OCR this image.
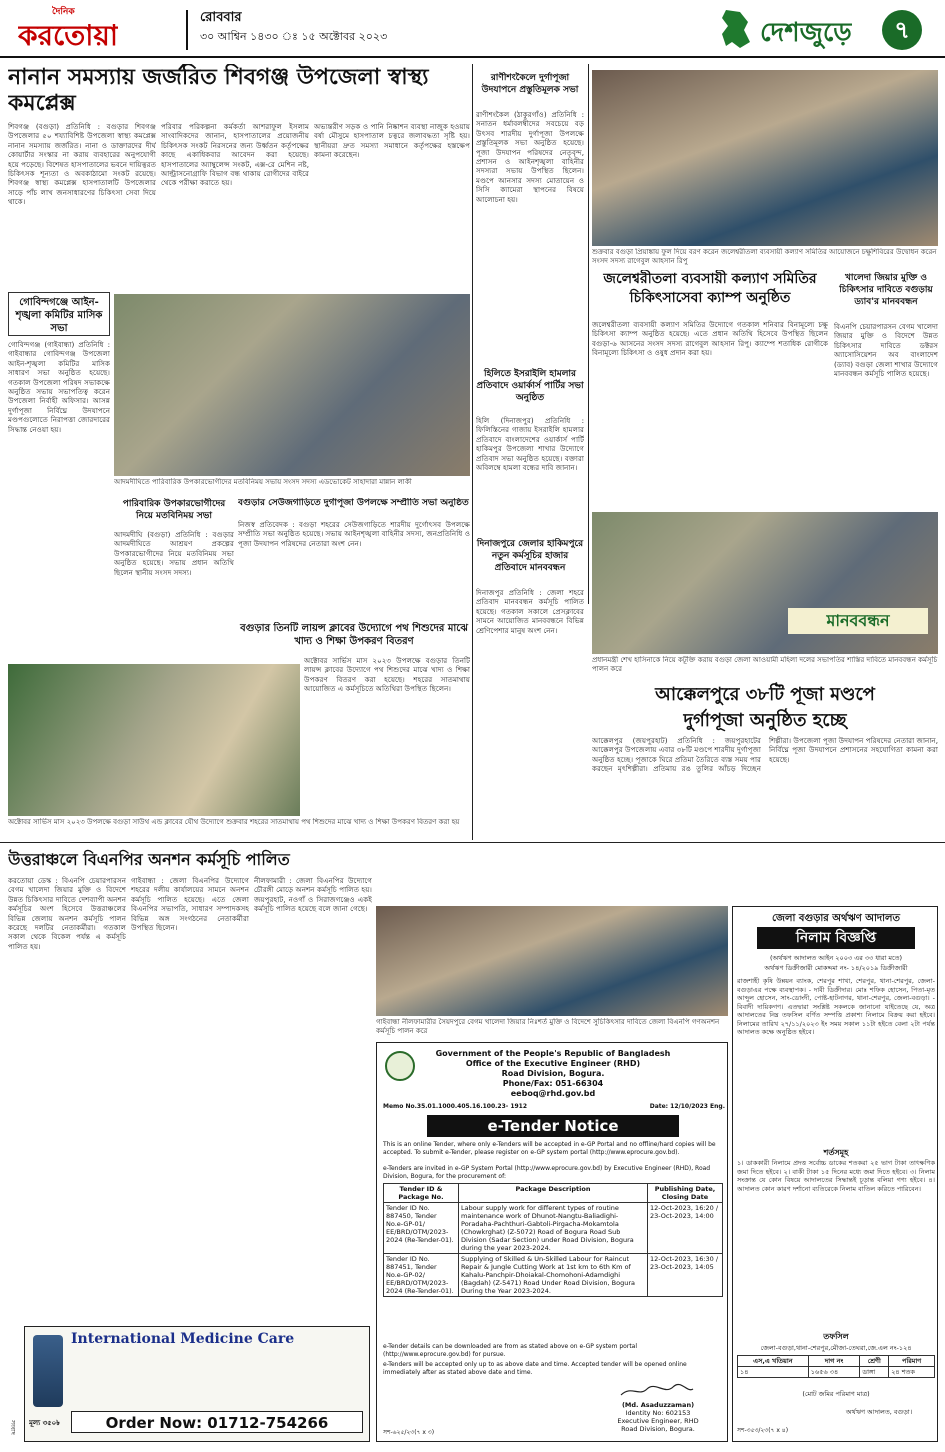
দৈনিক
করতোয়া
রোববার
৩০ আশ্বিন ১৪৩০ ঃ ১৫ অক্টোবর ২০২৩	দেশজুড়ে	৭
নানান সমস্যায় জর্জরিত শিবগঞ্জ উপজেলা স্বাস্থ্য কমপ্লেক্স
শিবগঞ্জ (বগুড়া) প্রতিনিধি : বগুড়ার শিবগঞ্জ উপজেলার ৫০ শয্যাবিশিষ্ট উপজেলা স্বাস্থ্য কমপ্লেক্স নানান সমস্যায় জর্জরিত। নানা ও ডাক্তারদের দীর্ঘ কোয়ার্টার সংস্কার না করায় ব্যবহারের অনুপযোগী হয়ে পড়েছে। বিশেষত হাসপাতালের ভবনে দায়িত্বরত চিকিৎসক শূন্যতা ও অবকাঠামো সংকট রয়েছে। শিবগঞ্জ স্বাস্থ্য কমপ্লেক্স হাসপাতালটি উপজেলার সাড়ে পাঁচ লাখ জনসাধারণের চিকিৎসা সেবা দিয়ে থাকে।
পরিবার পরিকল্পনা কর্মকর্তা আশরাফুল ইসলাম সাংবাদিকদের জানান, হাসপাতালের প্রয়োজনীয় চিকিৎসক সংকট নিরসনের জন্য উর্ধ্বতন কর্তৃপক্ষের কাছে একাধিকবার আবেদন করা হয়েছে। হাসপাতালের অ্যাম্বুলেন্স সংকট, এক্স-রে মেশিন নষ্ট, আল্ট্রাসনোগ্রাফি বিভাগ বন্ধ থাকায় রোগীদের বাইরে থেকে পরীক্ষা করাতে হয়।
অভ্যন্তরীণ সড়ক ও পানি নিষ্কাশন ব্যবস্থা নাজুক হওয়ায় বর্ষা মৌসুমে হাসপাতাল চত্বরে জলাবদ্ধতা সৃষ্টি হয়। স্থানীয়রা দ্রুত সমস্যা সমাধানে কর্তৃপক্ষের হস্তক্ষেপ কামনা করেছেন।
গোবিন্দগঞ্জে আইন-শৃঙ্খলা কমিটির মাসিক সভা
গোবিন্দগঞ্জ (গাইবান্ধা) প্রতিনিধি : গাইবান্ধার গোবিন্দগঞ্জ উপজেলা আইন-শৃঙ্খলা কমিটির মাসিক সাধারণ সভা অনুষ্ঠিত হয়েছে। গতকাল উপজেলা পরিষদ সভাকক্ষে অনুষ্ঠিত সভায় সভাপতিত্ব করেন উপজেলা নির্বাহী অফিসার। আসন্ন দুর্গাপূজা নির্বিঘ্নে উদযাপনে মণ্ডপগুলোতে নিরাপত্তা জোরদারের সিদ্ধান্ত নেওয়া হয়।
আদমদীঘিতে পারিবারিক উপকারভোগীদের মতবিনিময় সভায় সংসদ সদস্য এডভোকেট সাহাদারা মান্নান লাকী
পারিবারিক উপকারভোগীদের নিয়ে মতবিনিময় সভা
আদমদীঘি (বগুড়া) প্রতিনিধি : বগুড়ার আদমদীঘিতে আশ্রয়ণ প্রকল্পের উপকারভোগীদের নিয়ে মতবিনিময় সভা অনুষ্ঠিত হয়েছে। সভায় প্রধান অতিথি ছিলেন স্থানীয় সংসদ সদস্য।
বগুড়ার সেউজগাড়িতে দুর্গাপূজা উপলক্ষে সম্প্রীতি সভা অনুষ্ঠিত
নিজস্ব প্রতিবেদক : বগুড়া শহরের সেউজগাড়িতে শারদীয় দুর্গোৎসব উপলক্ষে সম্প্রীতি সভা অনুষ্ঠিত হয়েছে। সভায় আইনশৃঙ্খলা বাহিনীর সদস্য, জনপ্রতিনিধি ও পূজা উদযাপন পরিষদের নেতারা অংশ নেন।
বগুড়ার তিনটি লায়ন্স ক্লাবের উদ্যোগে পথ শিশুদের মাঝে খাদ্য ও শিক্ষা উপকরণ বিতরণ
অক্টোবর সার্ভিস মাস ২০২৩ উপলক্ষে বগুড়ার তিনটি লায়ন্স ক্লাবের উদ্যোগে পথ শিশুদের মাঝে খাদ্য ও শিক্ষা উপকরণ বিতরণ করা হয়েছে। শহরের সাতমাথায় আয়োজিত এ কর্মসূচিতে অতিথিরা উপস্থিত ছিলেন।
অক্টোবর সার্ভিস মাস ২০২৩ উপলক্ষে বগুড়া সাউথ এন্ড ক্লাবের যৌথ উদ্যোগে শুক্রবার শহরের সাতমাথায় পথ শিশুদের মাঝে খাদ্য ও শিক্ষা উপকরণ বিতরণ করা হয়
রাণীশংকৈলে দুর্গাপূজা উদযাপনে প্রস্তুতিমূলক সভা
রাণীশংকৈল (ঠাকুরগাঁও) প্রতিনিধি : সনাতন ধর্মাবলম্বীদের সবচেয়ে বড় উৎসব শারদীয় দুর্গাপূজা উপলক্ষে প্রস্তুতিমূলক সভা অনুষ্ঠিত হয়েছে। পূজা উদযাপন পরিষদের নেতৃবৃন্দ, প্রশাসন ও আইনশৃঙ্খলা বাহিনীর সদস্যরা সভায় উপস্থিত ছিলেন। মণ্ডপে আনসার সদস্য মোতায়েন ও সিসি ক্যামেরা স্থাপনের বিষয়ে আলোচনা হয়।
হিলিতে ইসরাইলি হামলার প্রতিবাদে ওয়ার্কার্স পার্টির সভা অনুষ্ঠিত
হিলি (দিনাজপুর) প্রতিনিধি : ফিলিস্তিনের গাজায় ইসরাইলি হামলার প্রতিবাদে বাংলাদেশের ওয়ার্কার্স পার্টি হাকিমপুর উপজেলা শাখার উদ্যোগে প্রতিবাদ সভা অনুষ্ঠিত হয়েছে। বক্তারা অবিলম্বে হামলা বন্ধের দাবি জানান।
দিনাজপুরে জেলার হাকিমপুরে নতুন কর্মসূচির হাজার প্রতিবাদে মানববন্ধন
দিনাজপুর প্রতিনিধি : জেলা শহরে প্রতিবাদ মানববন্ধন কর্মসূচি পালিত হয়েছে। গতকাল সকালে প্রেসক্লাবের সামনে আয়োজিত মানববন্ধনে বিভিন্ন শ্রেণিপেশার মানুষ অংশ নেন।
শুক্রবার বগুড়া প্রিয়াঙ্কায় ফুল দিয়ে বরণ করেন জলেশ্বরীতলা ব্যবসায়ী কল্যাণ সমিতির আয়োজনে চক্ষুশিবিরের উদ্বোধন করেন সংসদ সদস্য রাগেবুল আহসান রিপু
জলেশ্বরীতলা ব্যবসায়ী কল্যাণ সমিতির চিকিৎসাসেবা ক্যাম্প অনুষ্ঠিত
জলেশ্বরীতলা ব্যবসায়ী কল্যাণ সমিতির উদ্যোগে গতকাল শনিবার বিনামূল্যে চক্ষু চিকিৎসা ক্যাম্প অনুষ্ঠিত হয়েছে। এতে প্রধান অতিথি হিসেবে উপস্থিত ছিলেন বগুড়া-৬ আসনের সংসদ সদস্য রাগেবুল আহসান রিপু। ক্যাম্পে শতাধিক রোগীকে বিনামূল্যে চিকিৎসা ও ওষুধ প্রদান করা হয়।
খালেদা জিয়ার মুক্তি ও চিকিৎসার দাবিতে বগুড়ায় ড্যাব'র মানববন্ধন
বিএনপি চেয়ারপারসন বেগম খালেদা জিয়ার মুক্তি ও বিদেশে উন্নত চিকিৎসার দাবিতে ডক্টরস অ্যাসোসিয়েশন অব বাংলাদেশ (ড্যাব) বগুড়া জেলা শাখার উদ্যোগে মানববন্ধন কর্মসূচি পালিত হয়েছে।
মানববন্ধন
প্রধানমন্ত্রী শেখ হাসিনাকে নিয়ে কটূক্তি করায় বগুড়া জেলা আওয়ামী মহিলা দলের সভাপতির শাস্তির দাবিতে মানববন্ধন কর্মসূচি পালন করে
আক্কেলপুরে ৩৮টি পূজা মণ্ডপে
দুর্গাপূজা অনুষ্ঠিত হচ্ছে
আক্কেলপুর (জয়পুরহাট) প্রতিনিধি : জয়পুরহাটের আক্কেলপুর উপজেলায় এবার ৩৮টি মণ্ডপে শারদীয় দুর্গাপূজা অনুষ্ঠিত হচ্ছে। পূজাকে ঘিরে প্রতিমা তৈরিতে ব্যস্ত সময় পার করছেন মৃৎশিল্পীরা। প্রতিমায় রঙ তুলির আঁচড় দিচ্ছেন শিল্পীরা। উপজেলা পূজা উদযাপন পরিষদের নেতারা জানান, নির্বিঘ্নে পূজা উদযাপনে প্রশাসনের সহযোগিতা কামনা করা হয়েছে।
উত্তরাঞ্চলে বিএনপির অনশন কর্মসূচি পালিত
করতোয়া ডেস্ক : বিএনপি চেয়ারপারসন বেগম খালেদা জিয়ার মুক্তি ও বিদেশে উন্নত চিকিৎসার দাবিতে দেশব্যাপী অনশন কর্মসূচির অংশ হিসেবে উত্তরাঞ্চলের বিভিন্ন জেলায় অনশন কর্মসূচি পালন করেছে দলটির নেতাকর্মীরা। গতকাল সকাল থেকে বিকেল পর্যন্ত এ কর্মসূচি পালিত হয়।
গাইবান্ধা : জেলা বিএনপির উদ্যোগে শহরের দলীয় কার্যালয়ের সামনে অনশন কর্মসূচি পালিত হয়েছে। এতে জেলা বিএনপির সভাপতি, সাধারণ সম্পাদকসহ বিভিন্ন অঙ্গ সংগঠনের নেতাকর্মীরা উপস্থিত ছিলেন।
নীলফামারী : জেলা বিএনপির উদ্যোগে চৌরঙ্গী মোড়ে অনশন কর্মসূচি পালিত হয়। জয়পুরহাট, নওগাঁ ও সিরাজগঞ্জেও একই কর্মসূচি পালিত হয়েছে বলে জানা গেছে।
গাইবান্ধা নীলফামারীর সৈয়দপুরে বেগম খালেদা জিয়ার নিঃশর্ত মুক্তি ও বিদেশে সুচিকিৎসার দাবিতে জেলা বিএনপি গণঅনশন কর্মসূচি পালন করে
Government of the People's Republic of Bangladesh
Office of the Executive Engineer (RHD)
Road Division, Bogura.
Phone/Fax: 051-66304
eeboq@rhd.gov.bd
Memo No.35.01.1000.405.16.100.23- 1912	Date: 12/10/2023 Eng.
e-Tender Notice
This is an online Tender, where only e-Tenders will be accepted in e-GP Portal and no offline/hard copies will be accepted. To submit e-Tender, please register on e-GP system portal (http://www.eprocure.gov.bd).
e-Tenders are invited in e-GP System Portal (http://www.eprocure.gov.bd) by Executive Engineer (RHD), Road Division, Bogura, for the procurement of:
Tender ID & Package No.	Package Description	Publishing Date, Closing Date
Tender ID No. 887450, Tender No.e-GP-01/ EE/BRD/OTM/2023-2024 (Re-Tender-01).	Labour supply work for different types of routine maintenance work of Dhunot-Nangtu-Baliadighi-Poradaha-Pachthuri-Gabtoli-Pirgacha-Mokamtola (Chowkrghat) (Z-5072) Road of Bogura Road Sub Division (Sadar Section) under Road Division, Bogura during the year 2023-2024.	12-Oct-2023, 16:20 / 23-Oct-2023, 14:00
Tender ID No. 887451, Tender No.e-GP-02/ EE/BRD/OTM/2023-2024 (Re-Tender-01).	Supplying of Skilled & Un-Skilled Labour for Raincut Repair & Jungle Cutting Work at 1st km to 6th Km of Kahalu-Panchpir-Dhoiakal-Chomohoni-Adamdighi (Bagdah) (Z-5471) Road Under Road Division, Bogura During the Year 2023-2024.	12-Oct-2023, 16:30 / 23-Oct-2023, 14:05
e-Tender details can be downloaded are from as stated above on e-GP system portal (http://www.eprocure.gov.bd) for pursue.
e-Tenders will be accepted only up to as above date and time. Accepted tender will be opened online immediately after as stated above date and time.
(Md. Asaduzzaman)
Identity No: 602153
Executive Engineer, RHD
Road Division, Bogura.
সশ-৬২৫/২৩(৭ x ৩)
জেলা বগুড়ার অর্থঋণ আদালত
নিলাম বিজ্ঞপ্তি
(অর্থঋণ আদালত আইন ২০০৩ এর ৩৩ ধারা মতে)
অর্থঋণ ডিক্রীজারী মোকদ্দমা নং- ১৪/২০১৯ ডিক্রীজারী
রাজশাহী কৃষি উন্নয়ন ব্যাংক, শেরপুর শাখা, শেরপুর, থানা-শেরপুর, জেলা-বগুড়াএর পক্ষে ব্যবস্থাপক। - দাবী ডিক্রীদার। মোঃ শফিক হোসেন, পিতা-মৃত আব্দুল হোসেন, সাং-ডোংদী, পোষ্ট-হাটনাগর, থানা-শেরপুর, জেলা-বগুড়া। - বিবাদী দায়িকগণ। এতদ্বারা সংশ্লিষ্ট সকলকে জানানো যাইতেছে যে, অত্র আদালতের নিম্ন তফসিল বর্ণিত সম্পত্তি প্রকাশ্য নিলামে বিক্রয় করা হইবে। নিলামের তারিখ ২৭/১১/২০২৩ ইং সময় সকাল ১১টা হইতে বেলা ২টা পর্যন্ত আদালত কক্ষে অনুষ্ঠিত হইবে।
শর্তসমূহ
১। ডাককারী নিলামে প্রদত্ত সর্বোচ্চ ডাকের শতকরা ২৫ ভাগ টাকা তাৎক্ষণিক জমা দিতে হইবে। ২। বাকী টাকা ১৫ দিনের মধ্যে জমা দিতে হইবে। ৩। নিলাম সংক্রান্ত যে কোন বিষয়ে আদালতের সিদ্ধান্তই চূড়ান্ত বলিয়া গণ্য হইবে। ৪। আদালত কোন কারণ দর্শানো ব্যতিরেকে নিলাম বাতিল করিতে পারিবেন।
তফসিল
জেলা-বগুড়া,থানা-শেরপুর,মৌজা-তেঘরা,জে.এল নং-১২৪
এস,এ খতিয়ান	দাগ নং	শ্রেণী	পরিমাণ
১৪	১৬৫৬ ৩৪	ডাঙ্গা	২৪ শতক
(মোট জমির পরিমাণ মাত্র)
অর্থঋণ আদালত, বগুড়া।
সশ-৩৫৩/২৩(৭ x ৪)
International Medicine Care
Order Now: 01712-754266
মূল্য ৩৫০৳
সংবাদ
